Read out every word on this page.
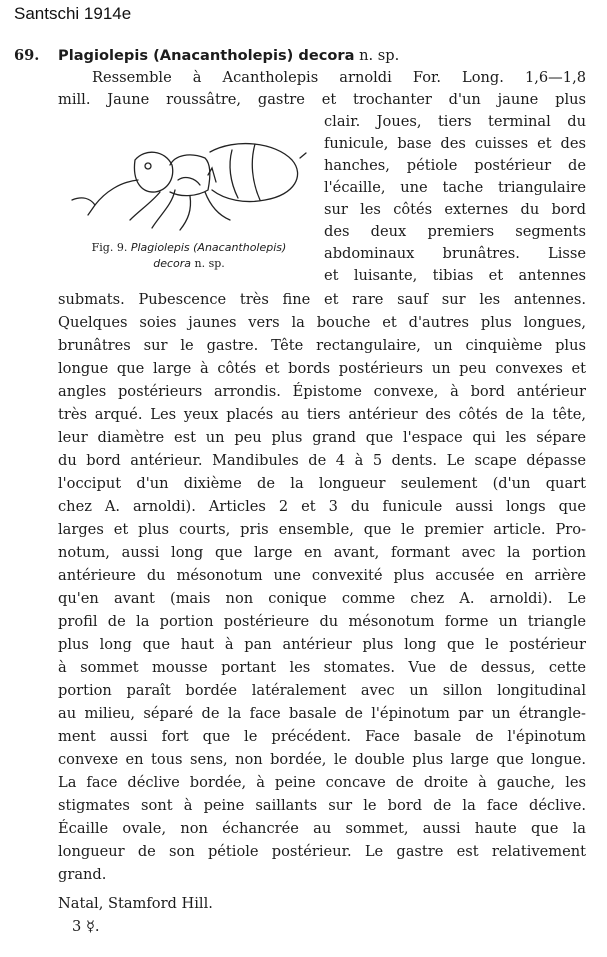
Santschi 1914e
69. Plagiolepis (Anacantholepis) decora n. sp.
Ressemble à Acantholepis arnoldi For. Long. 1,6—1,8
mill. Jaune roussâtre, gastre et trochanter d'un jaune plus
clair. Joues, tiers terminal du
funicule, base des cuisses et des
hanches, pétiole postérieur de
l'écaille, une tache triangulaire
sur les côtés externes du bord
des deux premiers segments
abdominaux brunâtres. Lisse
et luisante, tibias et antennes
Fig. 9. Plagiolepis (Anacantholepis)
decora n. sp.
submats. Pubescence très fine et rare sauf sur les antennes.
Quelques soies jaunes vers la bouche et d'autres plus longues,
brunâtres sur le gastre. Tête rectangulaire, un cinquième plus
longue que large à côtés et bords postérieurs un peu convexes et
angles postérieurs arrondis. Épistome convexe, à bord antérieur
très arqué. Les yeux placés au tiers antérieur des côtés de la tête,
leur diamètre est un peu plus grand que l'espace qui les sépare
du bord antérieur. Mandibules de 4 à 5 dents. Le scape dépasse
l'occiput d'un dixième de la longueur seulement (d'un quart
chez A. arnoldi). Articles 2 et 3 du funicule aussi longs que
larges et plus courts, pris ensemble, que le premier article. Pro-
notum, aussi long que large en avant, formant avec la portion
antérieure du mésonotum une convexité plus accusée en arrière
qu'en avant (mais non conique comme chez A. arnoldi). Le
profil de la portion postérieure du mésonotum forme un triangle
plus long que haut à pan antérieur plus long que le postérieur
à sommet mousse portant les stomates. Vue de dessus, cette
portion paraît bordée latéralement avec un sillon longitudinal
au milieu, séparé de la face basale de l'épinotum par un étrangle-
ment aussi fort que le précédent. Face basale de l'épinotum
convexe en tous sens, non bordée, le double plus large que longue.
La face déclive bordée, à peine concave de droite à gauche, les
stigmates sont à peine saillants sur le bord de la face déclive.
Écaille ovale, non échancrée au sommet, aussi haute que la
longueur de son pétiole postérieur. Le gastre est relativement
grand.
Natal, Stamford Hill.
3 ☿.
